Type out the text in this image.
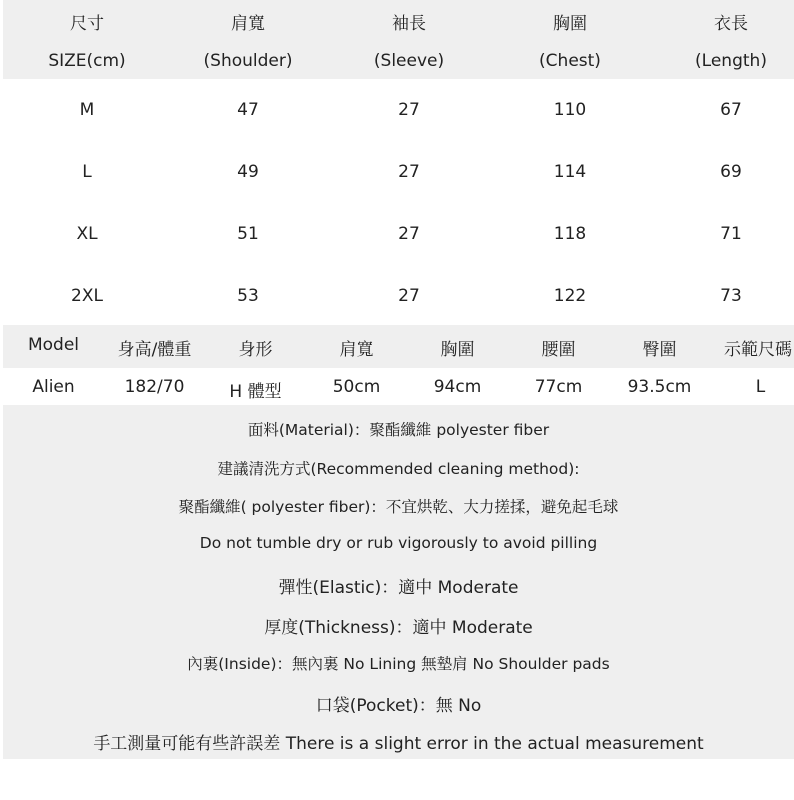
尺寸	肩寬	袖長	胸圍	衣長
SIZE(cm)	(Shoulder)	(Sleeve)	(Chest)	(Length)
M	47	27	110	67
L	49	27	114	69
XL	51	27	118	71
2XL	53	27	122	73
Model	身高/體重	身形	肩寬	胸圍	腰圍	臀圍	示範尺碼
Alien	182/70	H 體型	50cm	94cm	77cm	93.5cm	L
面料(Material)：聚酯纖維 polyester fiber
建議清洗方式(Recommended cleaning method):
聚酯纖維( polyester fiber)：不宜烘乾、大力搓揉，避免起毛球
Do not tumble dry or rub vigorously to avoid pilling
彈性(Elastic)：適中 Moderate
厚度(Thickness)：適中 Moderate
內裏(Inside)：無內裏 No Lining 無墊肩 No Shoulder pads
口袋(Pocket)：無 No
手工測量可能有些許誤差 There is a slight error in the actual measurement
